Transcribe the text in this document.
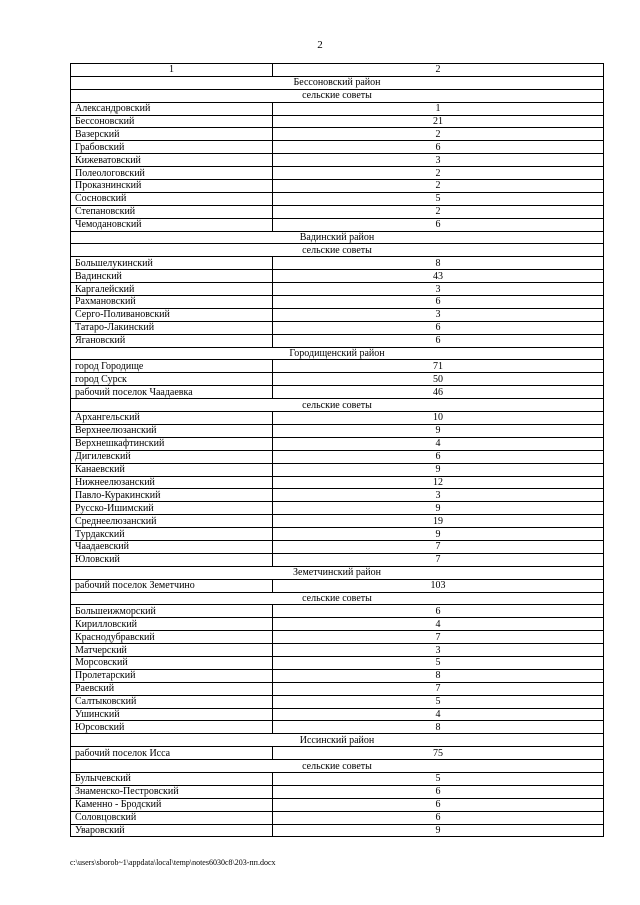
2
1	2
Бессоновский район	
сельские советы	
Александровский	1
Бессоновский	21
Вазерский	2
Грабовский	6
Кижеватовский	3
Полеологовский	2
Проказнинский	2
Сосновский	5
Степановский	2
Чемодановский	6
Вадинский район	
сельские советы	
Большелукинский	8
Вадинский	43
Каргалейский	3
Рахмановский	6
Серго-Поливановский	3
Татаро-Лакинский	6
Ягановский	6
Городищенский район	
город Городище	71
город Сурск	50
рабочий поселок Чаадаевка	46
сельские советы	
Архангельский	10
Верхнеелюзанский	9
Верхнешкафтинский	4
Дигилевский	6
Канаевский	9
Нижнеелюзанский	12
Павло-Куракинский	3
Русско-Ишимский	9
Среднеелюзанский	19
Турдакский	9
Чаадаевский	7
Юловский	7
Земетчинский район	
рабочий поселок Земетчино	103
сельские советы	
Большеижморский	6
Кирилловский	4
Краснодубравский	7
Матчерский	3
Морсовский	5
Пролетарский	8
Раевский	7
Салтыковский	5
Ушинский	4
Юрсовский	8
Иссинский район	
рабочий поселок Исса	75
сельские советы	
Булычевский	5
Знаменско-Пестровский	6
Каменно - Бродский	6
Соловцовский	6
Уваровский	9
c:\users\sborob~1\appdata\local\temp\notes6030c8\203-пп.docx
